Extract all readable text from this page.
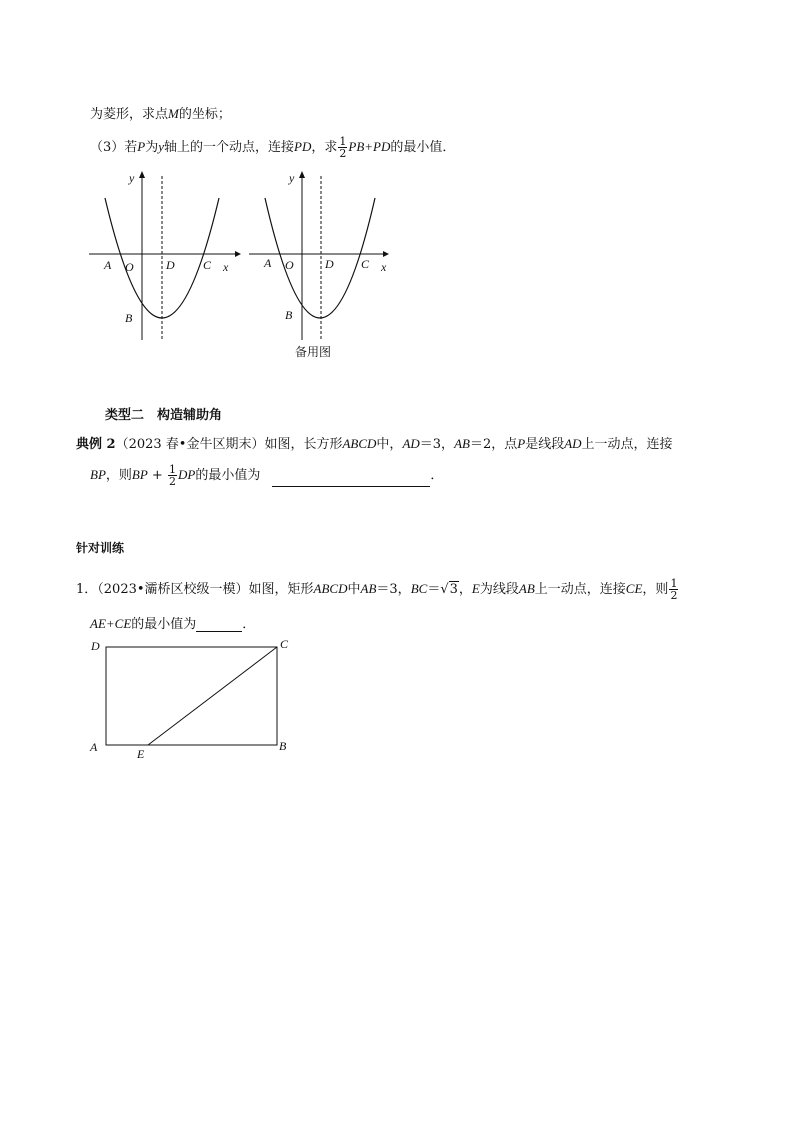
为菱形，求点M的坐标；
（3）若P为y轴上的一个动点，连接PD，求 $\frac{1}{2} PB+PD$的最小值．
y
x
A O	D C
B
y
x
A O	D C
B
备用图
类型二　构造辅助角
典例 2（2023 春•金牛区期末）如图，长方形ABCD中，AD＝3，AB＝2，点P是线段AD上一动点，连接
BP，则BP + $\frac{1}{2}$ DP的最小值为	．
针对训练
1．（2023•灞桥区校级一模）如图，矩形ABCD中AB＝3，BC＝√3，E为线段AB上一动点，连接CE，则 $\frac{1}{2}$
AE+CE的最小值为	．
D	C
A	E
B
